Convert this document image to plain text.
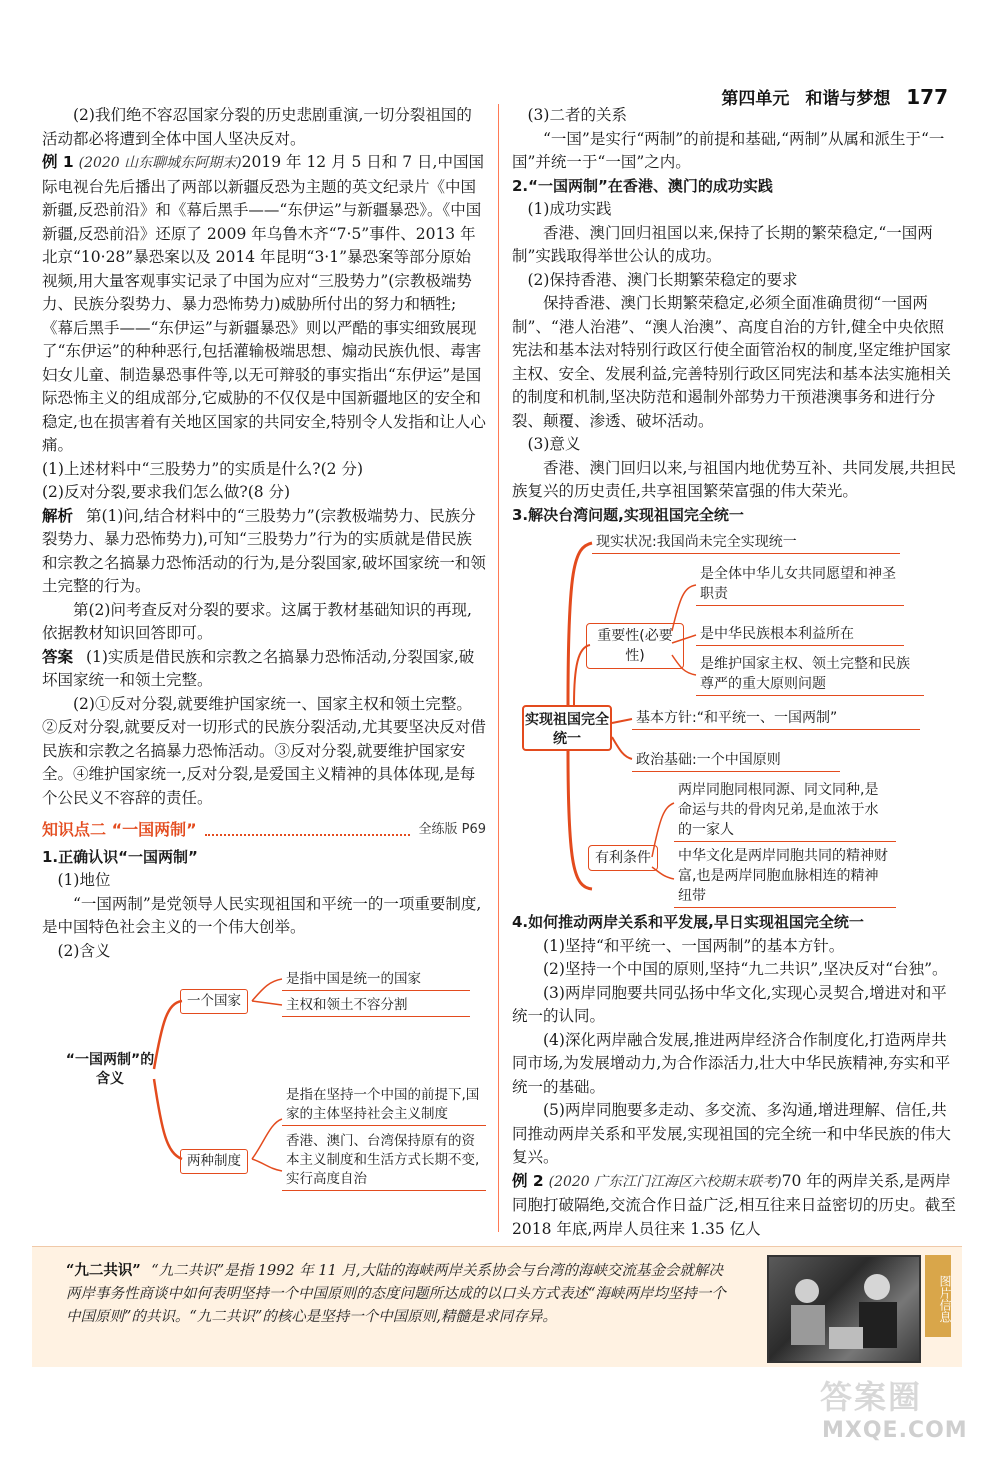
第四单元 和谐与梦想 177

(2)我们绝不容忍国家分裂的历史悲剧重演,一切分裂祖国的活动都必将遭到全体中国人坚决反对。

例 1 (2020 山东聊城东阿期末)2019 年 12 月 5 日和 7 日,中国国际电视台先后播出了两部以新疆反恐为主题的英文纪录片《中国新疆,反恐前沿》和《幕后黑手——“东伊运”与新疆暴恐》。《中国新疆,反恐前沿》还原了 2009 年乌鲁木齐“7·5”事件、2013 年北京“10·28”暴恐案以及 2014 年昆明“3·1”暴恐案等部分原始视频,用大量客观事实记录了中国为应对“三股势力”(宗教极端势力、民族分裂势力、暴力恐怖势力)威胁所付出的努力和牺牲;《幕后黑手——“东伊运”与新疆暴恐》则以严酷的事实细致展现了“东伊运”的种种恶行,包括灌输极端思想、煽动民族仇恨、毒害妇女儿童、制造暴恐事件等,以无可辩驳的事实指出“东伊运”是国际恐怖主义的组成部分,它威胁的不仅仅是中国新疆地区的安全和稳定,也在损害着有关地区国家的共同安全,特别令人发指和让人心痛。

(1)上述材料中“三股势力”的实质是什么?(2 分)

(2)反对分裂,要求我们怎么做?(8 分)

解析 第(1)问,结合材料中的“三股势力”(宗教极端势力、民族分裂势力、暴力恐怖势力),可知“三股势力”行为的实质就是借民族和宗教之名搞暴力恐怖活动的行为,是分裂国家,破坏国家统一和领土完整的行为。

第(2)问考查反对分裂的要求。这属于教材基础知识的再现,依据教材知识回答即可。

答案 (1)实质是借民族和宗教之名搞暴力恐怖活动,分裂国家,破坏国家统一和领土完整。

(2)①反对分裂,就要维护国家统一、国家主权和领土完整。②反对分裂,就要反对一切形式的民族分裂活动,尤其要坚决反对借民族和宗教之名搞暴力恐怖活动。③反对分裂,就要维护国家安全。④维护国家统一,反对分裂,是爱国主义精神的具体体现,是每个公民义不容辞的责任。

知识点二 “一国两制”	全练版 P69

1.正确认识“一国两制”

(1)地位

“一国两制”是党领导人民实现祖国和平统一的一项重要制度,是中国特色社会主义的一个伟大创举。

(2)含义

“一国两制”的含义
一个国家
是指中国是统一的国家
主权和领土不容分割
两种制度
是指在坚持一个中国的前提下,国家的主体坚持社会主义制度
香港、澳门、台湾保持原有的资本主义制度和生活方式长期不变,实行高度自治

(3)二者的关系

“一国”是实行“两制”的前提和基础,“两制”从属和派生于“一国”并统一于“一国”之内。

2.“一国两制”在香港、澳门的成功实践

(1)成功实践

香港、澳门回归祖国以来,保持了长期的繁荣稳定,“一国两制”实践取得举世公认的成功。

(2)保持香港、澳门长期繁荣稳定的要求

保持香港、澳门长期繁荣稳定,必须全面准确贯彻“一国两制”、“港人治港”、“澳人治澳”、高度自治的方针,健全中央依照宪法和基本法对特别行政区行使全面管治权的制度,坚定维护国家主权、安全、发展利益,完善特别行政区同宪法和基本法实施相关的制度和机制,坚决防范和遏制外部势力干预港澳事务和进行分裂、颠覆、渗透、破坏活动。

(3)意义

香港、澳门回归以来,与祖国内地优势互补、共同发展,共担民族复兴的历史责任,共享祖国繁荣富强的伟大荣光。

3.解决台湾问题,实现祖国完全统一

现实状况:我国尚未完全实现统一
重要性(必要性)
是全体中华儿女共同愿望和神圣职责
是中华民族根本利益所在
是维护国家主权、领土完整和民族尊严的重大原则问题
实现祖国完全统一
基本方针:“和平统一、一国两制”
政治基础:一个中国原则
有利条件
两岸同胞同根同源、同文同种,是命运与共的骨肉兄弟,是血浓于水的一家人
中华文化是两岸同胞共同的精神财富,也是两岸同胞血脉相连的精神纽带

4.如何推动两岸关系和平发展,早日实现祖国完全统一

(1)坚持“和平统一、一国两制”的基本方针。

(2)坚持一个中国的原则,坚持“九二共识”,坚决反对“台独”。

(3)两岸同胞要共同弘扬中华文化,实现心灵契合,增进对和平统一的认同。

(4)深化两岸融合发展,推进两岸经济合作制度化,打造两岸共同市场,为发展增动力,为合作添活力,壮大中华民族精神,夯实和平统一的基础。

(5)两岸同胞要多走动、多交流、多沟通,增进理解、信任,共同推动两岸关系和平发展,实现祖国的完全统一和中华民族的伟大复兴。

例 2 (2020 广东江门江海区六校期末联考)70 年的两岸关系,是两岸同胞打破隔绝,交流合作日益广泛,相互往来日益密切的历史。截至 2018 年底,两岸人员往来 1.35 亿人

“九二共识” “九二共识”是指 1992 年 11 月,大陆的海峡两岸关系协会与台湾的海峡交流基金会就解决两岸事务性商谈中如何表明坚持一个中国原则的态度问题所达成的以口头方式表述“海峡两岸均坚持一个中国原则”的共识。“九二共识”的核心是坚持一个中国原则,精髓是求同存异。	图片信息
答案圈
MXQE.COM
